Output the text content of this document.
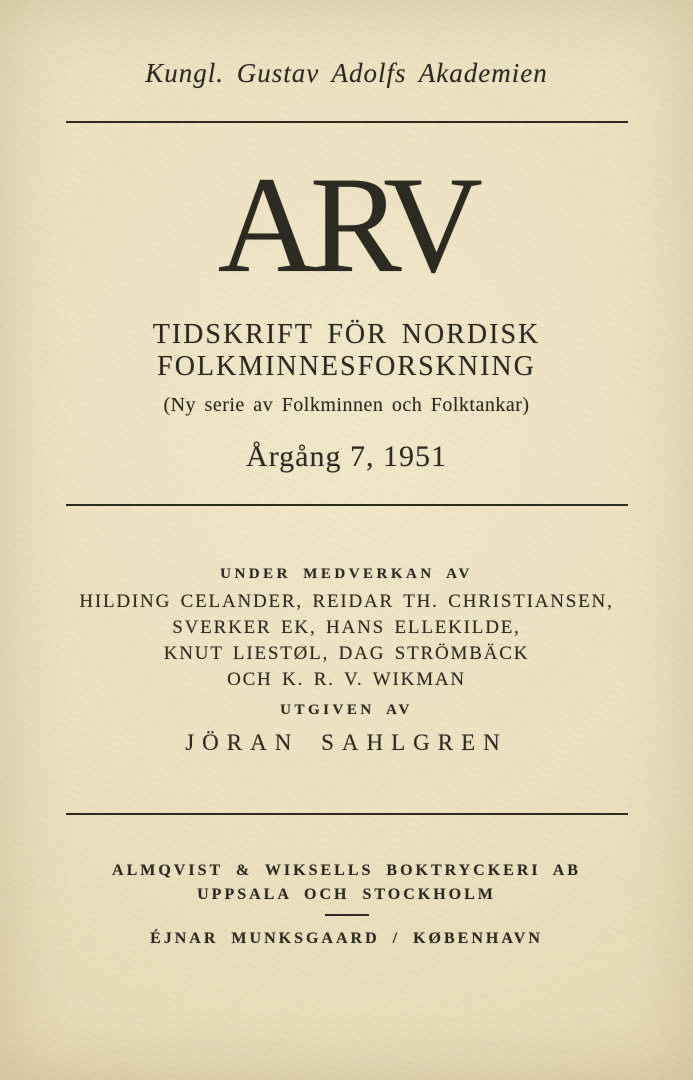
Kungl. Gustav Adolfs Akademien
ARV
TIDSKRIFT FÖR NORDISK FOLKMINNESFORSKNING
(Ny serie av Folkminnen och Folktankar)
Årgång 7, 1951
UNDER MEDVERKAN AV
HILDING CELANDER, REIDAR TH. CHRISTIANSEN,
SVERKER EK, HANS ELLEKILDE,
KNUT LIESTØL, DAG STRÖMBÄCK
OCH K. R. V. WIKMAN
UTGIVEN AV
JÖRAN SAHLGREN
ALMQVIST & WIKSELLS BOKTRYCKERI AB
UPPSALA OCH STOCKHOLM
ÉJNAR MUNKSGAARD / KØBENHAVN
